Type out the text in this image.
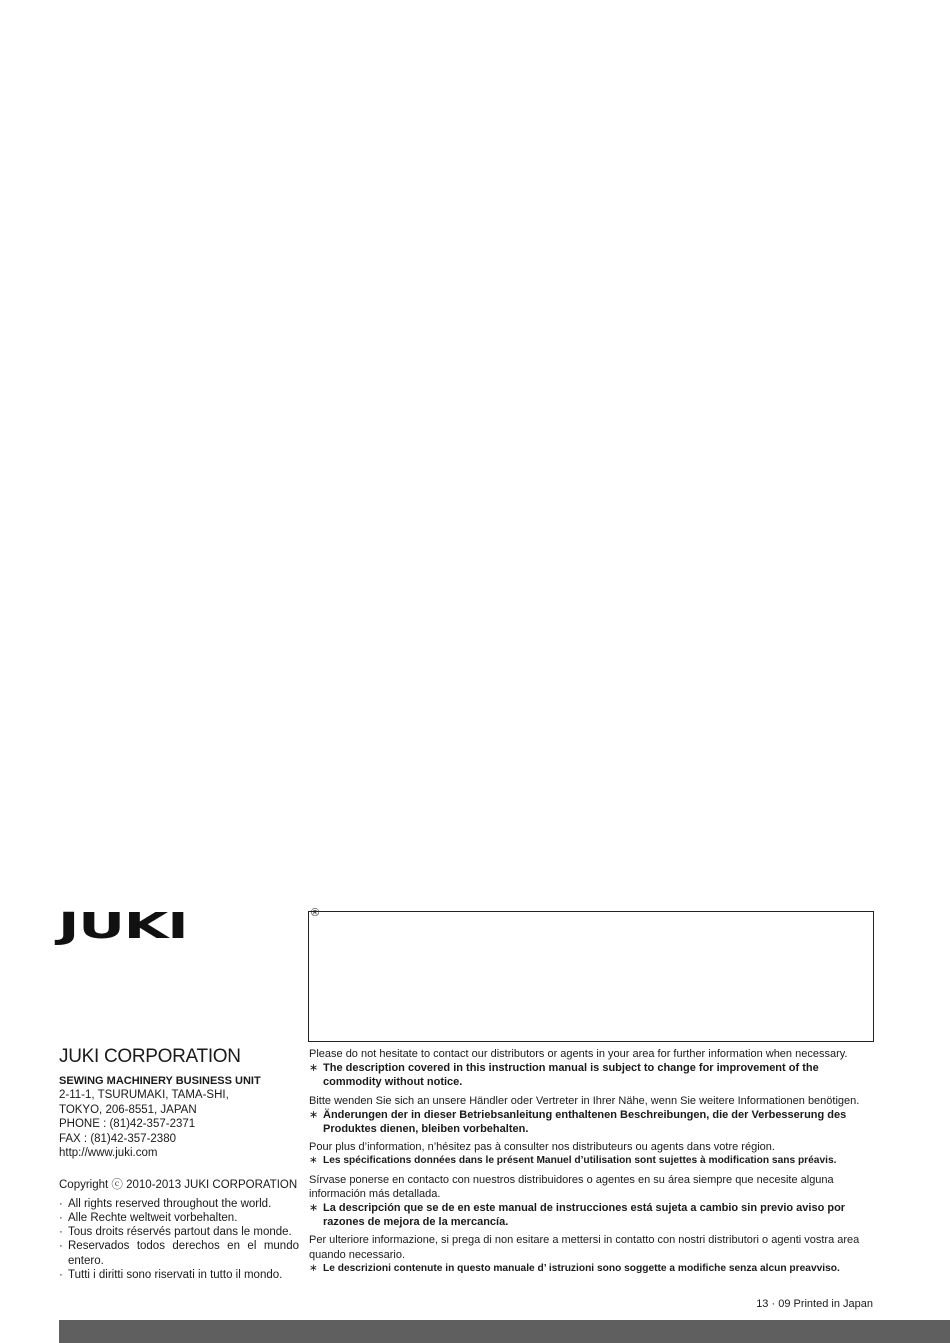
JUKI	®
JUKI CORPORATION
SEWING MACHINERY BUSINESS UNIT
2-11-1, TSURUMAKI, TAMA-SHI,
TOKYO, 206-8551, JAPAN
PHONE : (81)42-357-2371
FAX : (81)42-357-2380
http://www.juki.com
Copyright ⓒ 2010-2013 JUKI CORPORATION
· All rights reserved throughout the world.
· Alle Rechte weltweit vorbehalten.
· Tous droits réservés partout dans le monde.
· Reservados todos derechos en el mundo entero.
· Tutti i diritti sono riservati in tutto il mondo.

Please do not hesitate to contact our distributors or agents in your area for further information when necessary.

∗ The description covered in this instruction manual is subject to change for improvement of the commodity without notice.

Bitte wenden Sie sich an unsere Händler oder Vertreter in Ihrer Nähe, wenn Sie weitere Informationen benötigen.

∗ Änderungen der in dieser Betriebsanleitung enthaltenen Beschreibungen, die der Verbesserung des Produktes dienen, bleiben vorbehalten.

Pour plus d’information, n’hésitez pas à consulter nos distributeurs ou agents dans votre région.

∗ Les spécifications données dans le présent Manuel d’utilisation sont sujettes à modification sans préavis.

Sírvase ponerse en contacto con nuestros distribuidores o agentes en su área siempre que necesite alguna información más detallada.

∗ La descripción que se de en este manual de instrucciones está sujeta a cambio sin previo aviso por razones de mejora de la mercancía.

Per ulteriore informazione, si prega di non esitare a mettersi in contatto con nostri distributori o agenti vostra area quando necessario.

∗ Le descrizioni contenute in questo manuale d’ istruzioni sono soggette a modifiche senza alcun preavviso.

13 · 09 Printed in Japan
